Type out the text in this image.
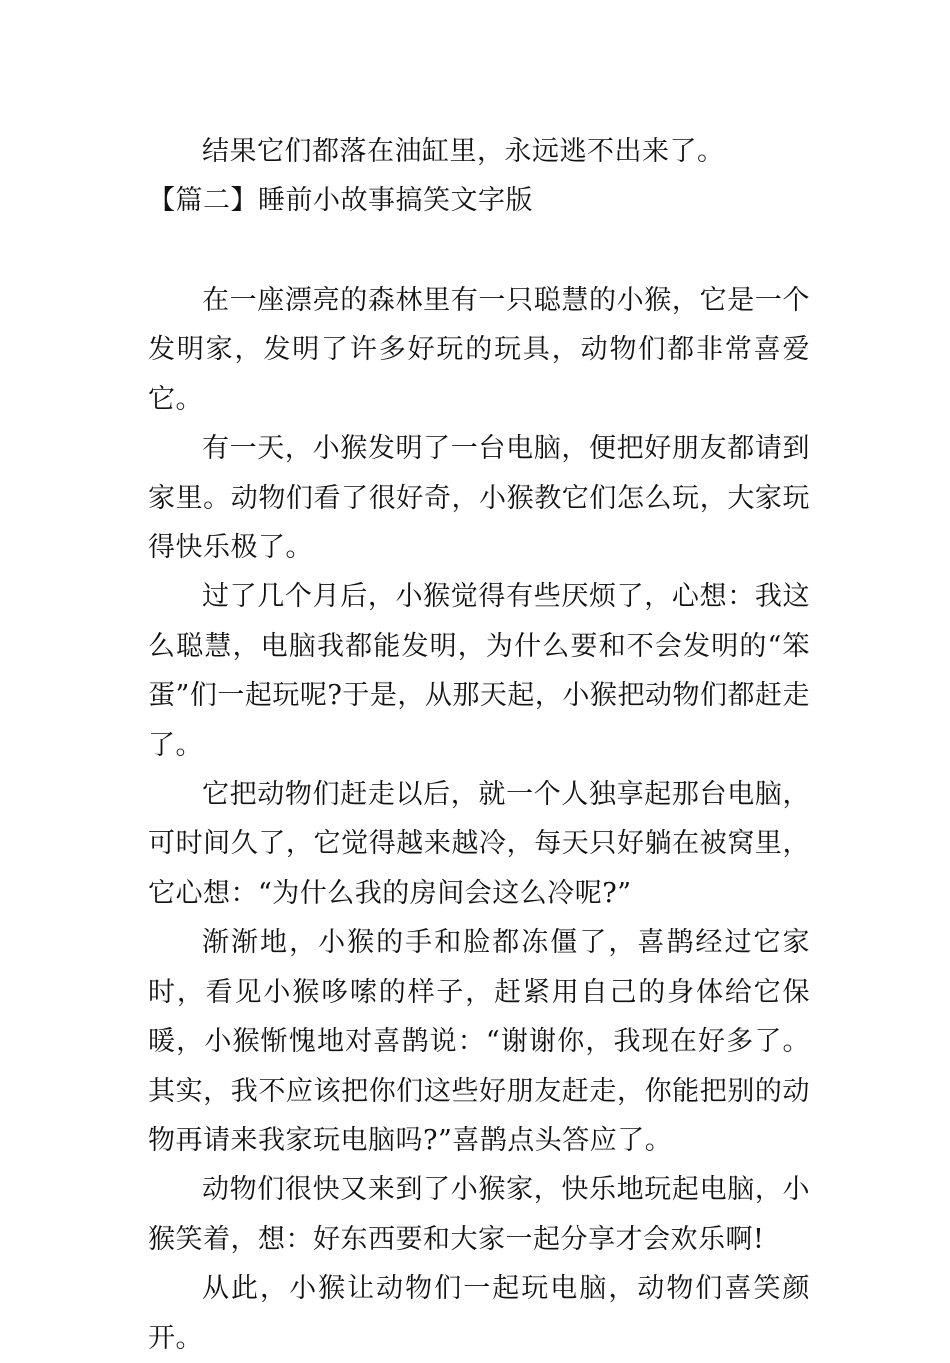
结果它们都落在油缸里，永远逃不出来了。

【篇二】睡前小故事搞笑文字版

在一座漂亮的森林里有一只聪慧的小猴，它是一个发明家，发明了许多好玩的玩具，动物们都非常喜爱它。

有一天，小猴发明了一台电脑，便把好朋友都请到家里。动物们看了很好奇，小猴教它们怎么玩，大家玩得快乐极了。

过了几个月后，小猴觉得有些厌烦了，心想：我这么聪慧，电脑我都能发明，为什么要和不会发明的“笨蛋”们一起玩呢?于是，从那天起，小猴把动物们都赶走了。

它把动物们赶走以后，就一个人独享起那台电脑，可时间久了，它觉得越来越冷，每天只好躺在被窝里，它心想：“为什么我的房间会这么冷呢?”

渐渐地，小猴的手和脸都冻僵了，喜鹊经过它家时，看见小猴哆嗦的样子，赶紧用自己的身体给它保暖，小猴惭愧地对喜鹊说：“谢谢你，我现在好多了。其实，我不应该把你们这些好朋友赶走，你能把别的动物再请来我家玩电脑吗?”喜鹊点头答应了。

动物们很快又来到了小猴家，快乐地玩起电脑，小猴笑着，想：好东西要和大家一起分享才会欢乐啊!

从此，小猴让动物们一起玩电脑，动物们喜笑颜开。
